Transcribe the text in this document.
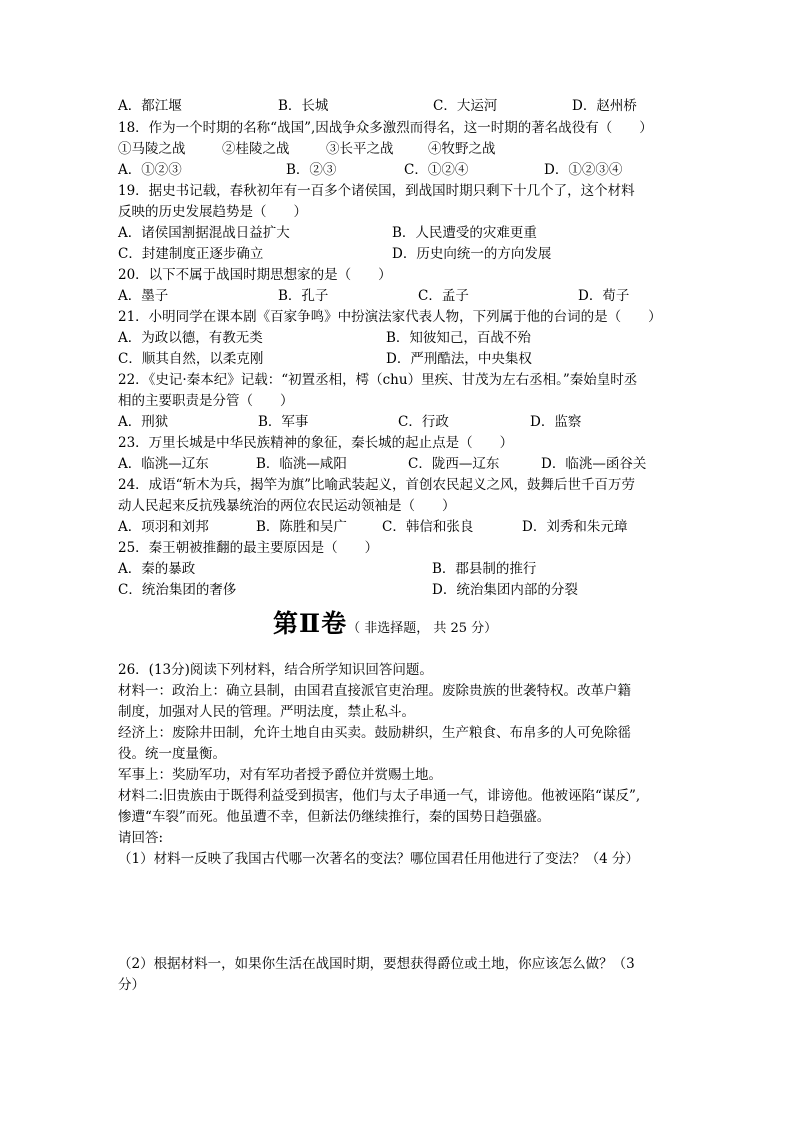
A．都江堰	B．长城	C．大运河	D．赵州桥
18．作为一个时期的名称“战国”,因战争众多激烈而得名，这一时期的著名战役有（　　）
①马陵之战	②桂陵之战	③长平之战	④牧野之战
A．①②③	B．②③	C．①②④	D．①②③④
19．据史书记载，春秋初年有一百多个诸侯国，到战国时期只剩下十几个了，这个材料
反映的历史发展趋势是（　　）
A．诸侯国割据混战日益扩大	B．人民遭受的灾难更重
C．封建制度正逐步确立	D．历史向统一的方向发展
20．以下不属于战国时期思想家的是（　　）
A．墨子	B．孔子	C．孟子	D．荀子
21．小明同学在课本剧《百家争鸣》中扮演法家代表人物，下列属于他的台词的是（　　）
A．为政以德，有教无类	B．知彼知己，百战不殆
C．顺其自然，以柔克刚	D．严刑酷法，中央集权
22．《史记·秦本纪》记载：“初置丞相，樗（chu）里疾、甘茂为左右丞相。”秦始皇时丞
相的主要职责是分管（　　）
A．刑狱	B．军事	C．行政	D．监察
23．万里长城是中华民族精神的象征，秦长城的起止点是（　　）
A．临洮—辽东	B．临洮—咸阳	C．陇西—辽东	D．临洮—函谷关
24．成语“斩木为兵，揭竿为旗”比喻武装起义，首创农民起义之风，鼓舞后世千百万劳
动人民起来反抗残暴统治的两位农民运动领袖是（　　）
A．项羽和刘邦	B．陈胜和吴广	C．韩信和张良	D．刘秀和朱元璋
25．秦王朝被推翻的最主要原因是（　　）
A．秦的暴政	B．郡县制的推行
C．统治集团的奢侈	D．统治集团内部的分裂
第Ⅱ卷（ 非选择题， 共 25 分）
26．(13分)阅读下列材料，结合所学知识回答问题。
材料一：政治上：确立县制，由国君直接派官吏治理。废除贵族的世袭特权。改革户籍
制度，加强对人民的管理。严明法度，禁止私斗。
经济上：废除井田制，允许土地自由买卖。鼓励耕织，生产粮食、布帛多的人可免除徭
役。统一度量衡。
军事上：奖励军功，对有军功者授予爵位并赏赐土地。
材料二:旧贵族由于既得利益受到损害，他们与太子串通一气，诽谤他。他被诬陷“谋反”,
惨遭“车裂”而死。他虽遭不幸，但新法仍继续推行，秦的国势日趋强盛。
请回答:
（1）材料一反映了我国古代哪一次著名的变法？哪位国君任用他进行了变法？（4 分）
（2）根据材料一，如果你生活在战国时期，要想获得爵位或土地，你应该怎么做？（3
分）
